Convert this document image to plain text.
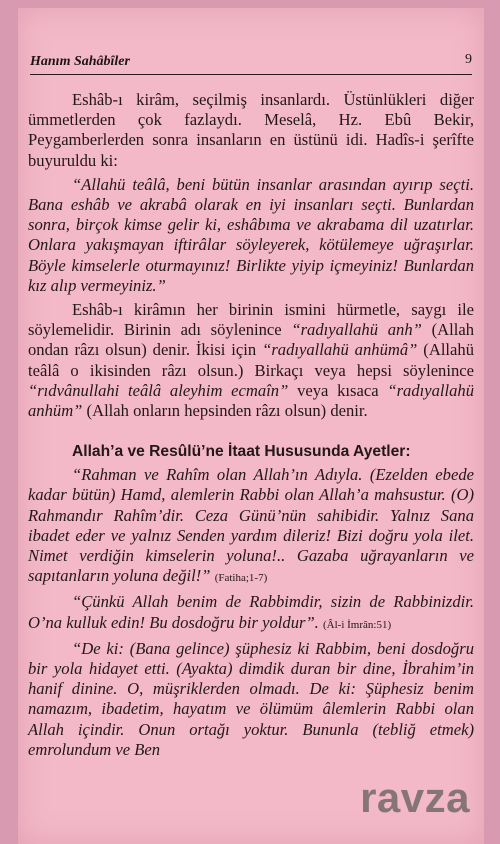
Hanım Sahâbîler	9

Eshâb-ı kirâm, seçilmiş insanlardı. Üstünlükleri diğer ümmetlerden çok fazlaydı. Meselâ, Hz. Ebû Bekir, Peygamberlerden sonra insanların en üstünü idi. Hadîs-i şerîfte buyuruldu ki:

“Allahü teâlâ, beni bütün insanlar arasından ayırıp seçti. Bana eshâb ve akrabâ olarak en iyi insanları seçti. Bunlardan sonra, birçok kimse gelir ki, eshâbıma ve akrabama dil uzatırlar. Onlara yakışmayan iftirâlar söyleyerek, kötülemeye uğraşırlar. Böyle kimselerle oturmayınız! Birlikte yiyip içmeyiniz! Bunlardan kız alıp vermeyiniz.”

Eshâb-ı kirâmın her birinin ismini hürmetle, saygı ile söylemelidir. Birinin adı söylenince “radıyallahü anh” (Allah ondan râzı olsun) denir. İkisi için “radıyallahü anhümâ” (Allahü teâlâ o ikisinden râzı olsun.) Birkaçı veya hepsi söylenince “rıdvânullahi teâlâ aleyhim ecmaîn” veya kısaca “radıyallahü anhüm” (Allah onların hepsinden râzı olsun) denir.

Allah’a ve Resûlü’ne İtaat Hususunda Ayetler:

“Rahman ve Rahîm olan Allah’ın Adıyla. (Ezelden ebede kadar bütün) Hamd, alemlerin Rabbi olan Allah’a mahsustur. (O) Rahmandır Rahîm’dir. Ceza Günü’nün sahibidir. Yalnız Sana ibadet eder ve yalnız Senden yardım dileriz! Bizi doğru yola ilet. Nimet verdiğin kimselerin yoluna!.. Gazaba uğrayanların ve sapıtanların yoluna değil!” (Fatiha;1-7)

“Çünkü Allah benim de Rabbimdir, sizin de Rabbinizdir. O’na kulluk edin! Bu dosdoğru bir yoldur”. (Âl-i İmrân:51)

“De ki: (Bana gelince) şüphesiz ki Rabbim, beni dosdoğru bir yola hidayet etti. (Ayakta) dimdik duran bir dine, İbrahim’in hanif dinine. O, müşriklerden olmadı. De ki: Şüphesiz benim namazım, ibadetim, hayatım ve ölümüm âlemlerin Rabbi olan Allah içindir. Onun ortağı yoktur. Bununla (tebliğ etmek) emrolundum ve Ben

ravza
